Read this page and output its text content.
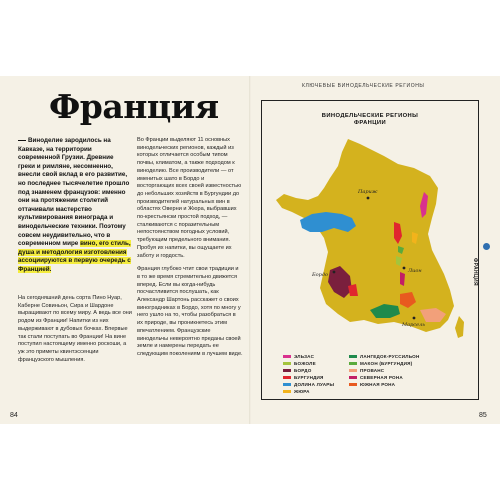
Франция

Виноделие зародилось на Кавказе, на территории современной Грузии. Древние греки и римляне, несомненно, внесли свой вклад в его развитие, но последнее тысячелетие прошло под знаменем французов: именно они на протяжении столетий оттачивали мастерство культивирования винограда и винодельческие техники. Поэтому совсем неудивительно, что в современном мире вино, его стиль, душа и методология изготовления ассоциируются в первую очередь с Францией.

На сегодняшний день сорта Пино Нуар, Каберне Совиньон, Сира и Шардоне выращивают по всему миру. А ведь все они родом из Франции! Напитки из них выдерживают в дубовых бочках. Впервые так стали поступать во Франции! На вине поступил настоящему именно роскоши, а уж это приметы квинтэссенции французского мышления.

Во Франции выделяют 11 основных винодельческих регионов, каждый из которых отличается особым типом почвы, климатом, а также подходом к виноделию. Все производители — от именитых шато в Бордо и восторгающих всех своей известностью до небольших хозяйств в Бургундии до производителей натуральных вин в областях Оверни и Жюра, выбравших по-крестьянски простой подход, — сталкиваются с поразительным непостоянством погодных условий, требующим предельного внимания. Пробуя их напитки, вы ощущаете их заботу и гордость.

Франция глубоко чтит свои традиции и в то же время стремительно движется вперед. Если вы когда-нибудь посчастливится послушать, как Александр Шартонь расскажет о своих виноградниках в Бордо, хотя по многу у него ушло на то, чтобы разобраться в их природе, вы проникнетесь этим впечатлением. Французские винодельчы невероятно преданы своей земле и намерены передать ее следующим поколениям в лучшем виде.

84
КЛЮЧЕВЫЕ ВИНОДЕЛЬЧЕСКИЕ РЕГИОНЫ
ВИНОДЕЛЬЧЕСКИЕ РЕГИОНЫ
ФРАНЦИИ
Париж
Бордо
Лион
Марсель
ФРАНЦИЯ
ЭЛЬЗАС
БОЖОЛЕ
БОРДО
БУРГУНДИЯ
ДОЛИНА ЛУАРЫ
ЖЮРА
ЛАНГЕДОК-РУССИЛЬОН
МАКОН (БУРГУНДИЯ)
ПРОВАНС
СЕВЕРНАЯ РОНА
ЮЖНАЯ РОНА
85
